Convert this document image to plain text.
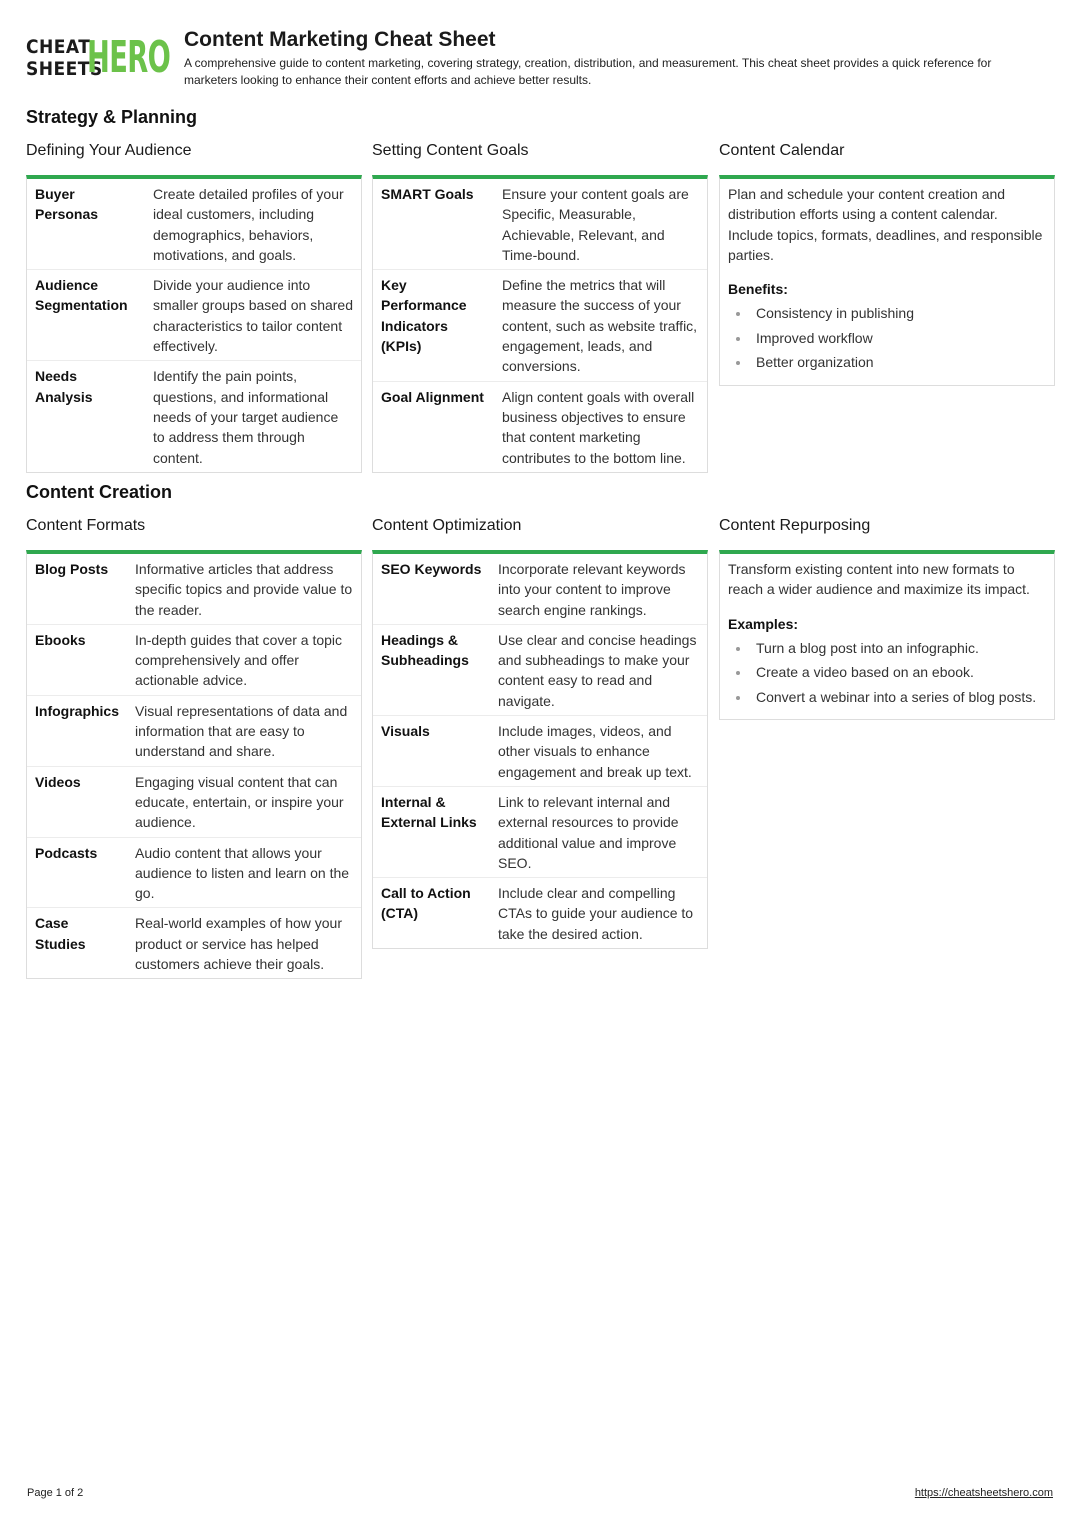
CHEAT
SHEETS
HERO Content Marketing Cheat Sheet
A comprehensive guide to content marketing, covering strategy, creation, distribution, and measurement. This cheat sheet provides a quick reference for marketers looking to enhance their content efforts and achieve better results.
Strategy & Planning
Defining Your Audience
Buyer Personas	Create detailed profiles of your ideal customers, including demographics, behaviors, motivations, and goals.
Audience Segmentation	Divide your audience into smaller groups based on shared characteristics to tailor content effectively.
Needs Analysis	Identify the pain points, questions, and informational needs of your target audience to address them through content.
Setting Content Goals
SMART Goals	Ensure your content goals are Specific, Measurable, Achievable, Relevant, and Time-bound.
Key Performance Indicators (KPIs)	Define the metrics that will measure the success of your content, such as website traffic, engagement, leads, and conversions.
Goal Alignment	Align content goals with overall business objectives to ensure that content marketing contributes to the bottom line.
Content Calendar
Plan and schedule your content creation and distribution efforts using a content calendar. Include topics, formats, deadlines, and responsible parties.
Benefits:
Consistency in publishing
Improved workflow
Better organization
Content Creation
Content Formats
Blog Posts	Informative articles that address specific topics and provide value to the reader.
Ebooks	In-depth guides that cover a topic comprehensively and offer actionable advice.
Infographics	Visual representations of data and information that are easy to understand and share.
Videos	Engaging visual content that can educate, entertain, or inspire your audience.
Podcasts	Audio content that allows your audience to listen and learn on the go.
Case Studies	Real-world examples of how your product or service has helped customers achieve their goals.
Content Optimization
SEO Keywords	Incorporate relevant keywords into your content to improve search engine rankings.
Headings & Subheadings	Use clear and concise headings and subheadings to make your content easy to read and navigate.
Visuals	Include images, videos, and other visuals to enhance engagement and break up text.
Internal & External Links	Link to relevant internal and external resources to provide additional value and improve SEO.
Call to Action (CTA)	Include clear and compelling CTAs to guide your audience to take the desired action.
Content Repurposing
Transform existing content into new formats to reach a wider audience and maximize its impact.
Examples:
Turn a blog post into an infographic.
Create a video based on an ebook.
Convert a webinar into a series of blog posts.
Page 1 of 2	https://cheatsheetshero.com
